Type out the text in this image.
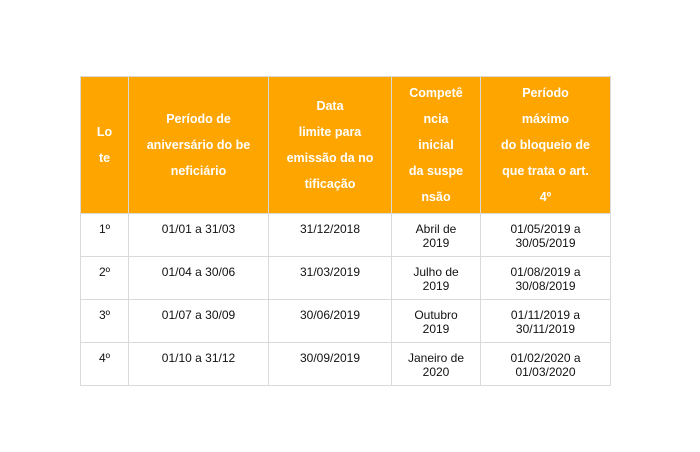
Lo
te	Período de
aniversário do be
neficiário	Data
limite para
emissão da no
tificação	Competê
ncia
inicial
da suspe
nsão	Período
máximo
do bloqueio de
que trata o art.
4º

1º	01/01 a 31/03	31/12/2018	Abril de
2019	01/05/2019 a
30/05/2019

2º	01/04 a 30/06	31/03/2019	Julho de
2019	01/08/2019 a
30/08/2019

3º	01/07 a 30/09	30/06/2019	Outubro
2019	01/11/2019 a
30/11/2019

4º	01/10 a 31/12	30/09/2019	Janeiro de
2020	01/02/2020 a
01/03/2020
